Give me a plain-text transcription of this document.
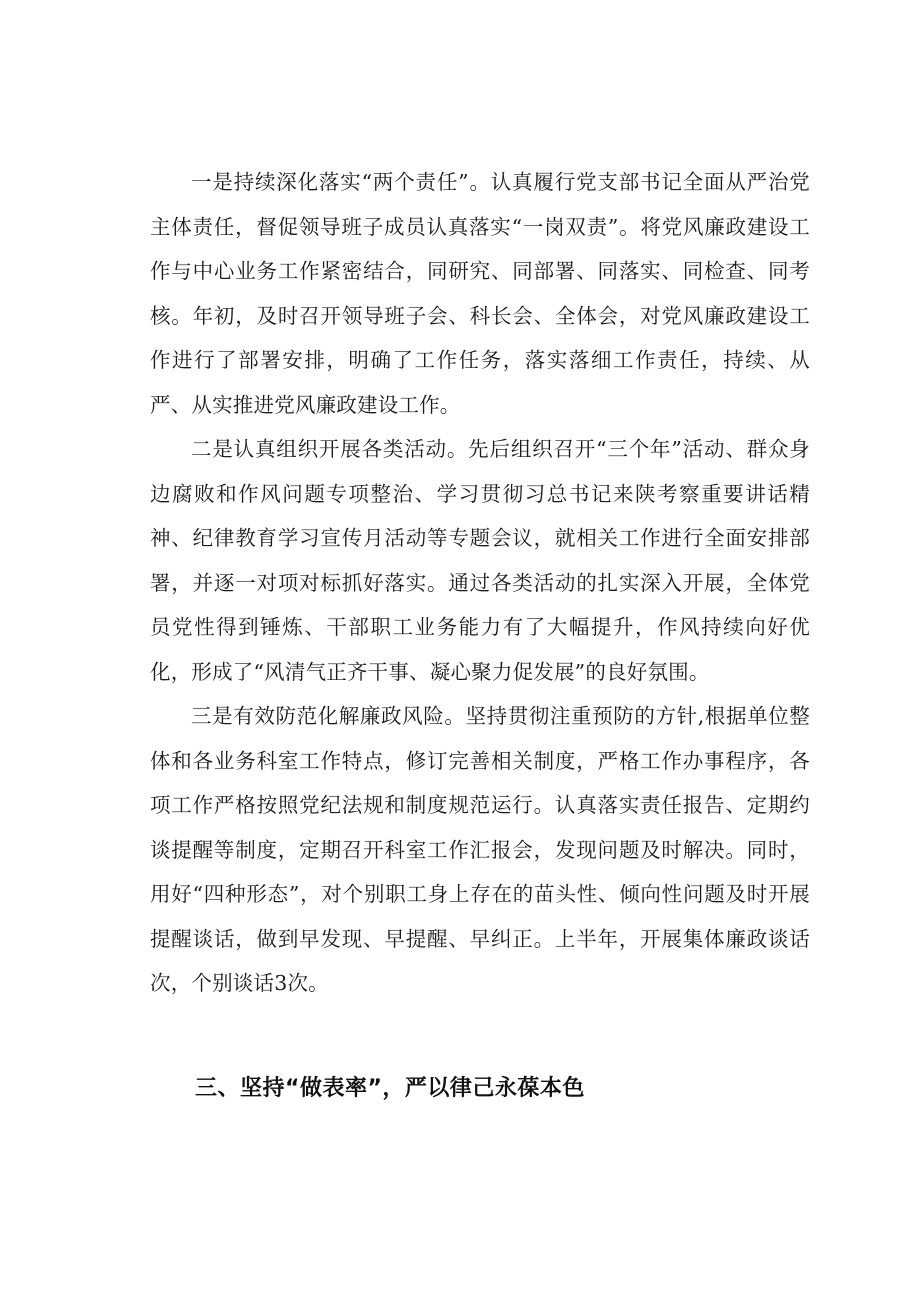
一是持续深化落实“两个责任”。认真履行党支部书记全面从严治党主体责任，督促领导班子成员认真落实“一岗双责”。将党风廉政建设工作与中心业务工作紧密结合，同研究、同部署、同落实、同检查、同考核。年初，及时召开领导班子会、科长会、全体会，对党风廉政建设工作进行了部署安排，明确了工作任务，落实落细工作责任，持续、从严、从实推进党风廉政建设工作。

二是认真组织开展各类活动。先后组织召开“三个年”活动、群众身边腐败和作风问题专项整治、学习贯彻习总书记来陕考察重要讲话精神、纪律教育学习宣传月活动等专题会议，就相关工作进行全面安排部署，并逐一对项对标抓好落实。通过各类活动的扎实深入开展，全体党员党性得到锤炼、干部职工业务能力有了大幅提升，作风持续向好优化，形成了“风清气正齐干事、凝心聚力促发展”的良好氛围。

三是有效防范化解廉政风险。坚持贯彻注重预防的方针,根据单位整体和各业务科室工作特点，修订完善相关制度，严格工作办事程序，各项工作严格按照党纪法规和制度规范运行。认真落实责任报告、定期约谈提醒等制度，定期召开科室工作汇报会，发现问题及时解决。同时，用好“四种形态”，对个别职工身上存在的苗头性、倾向性问题及时开展提醒谈话，做到早发现、早提醒、早纠正。上半年，开展集体廉政谈话次，个别谈话3次。

三、坚持“做表率”，严以律己永葆本色
